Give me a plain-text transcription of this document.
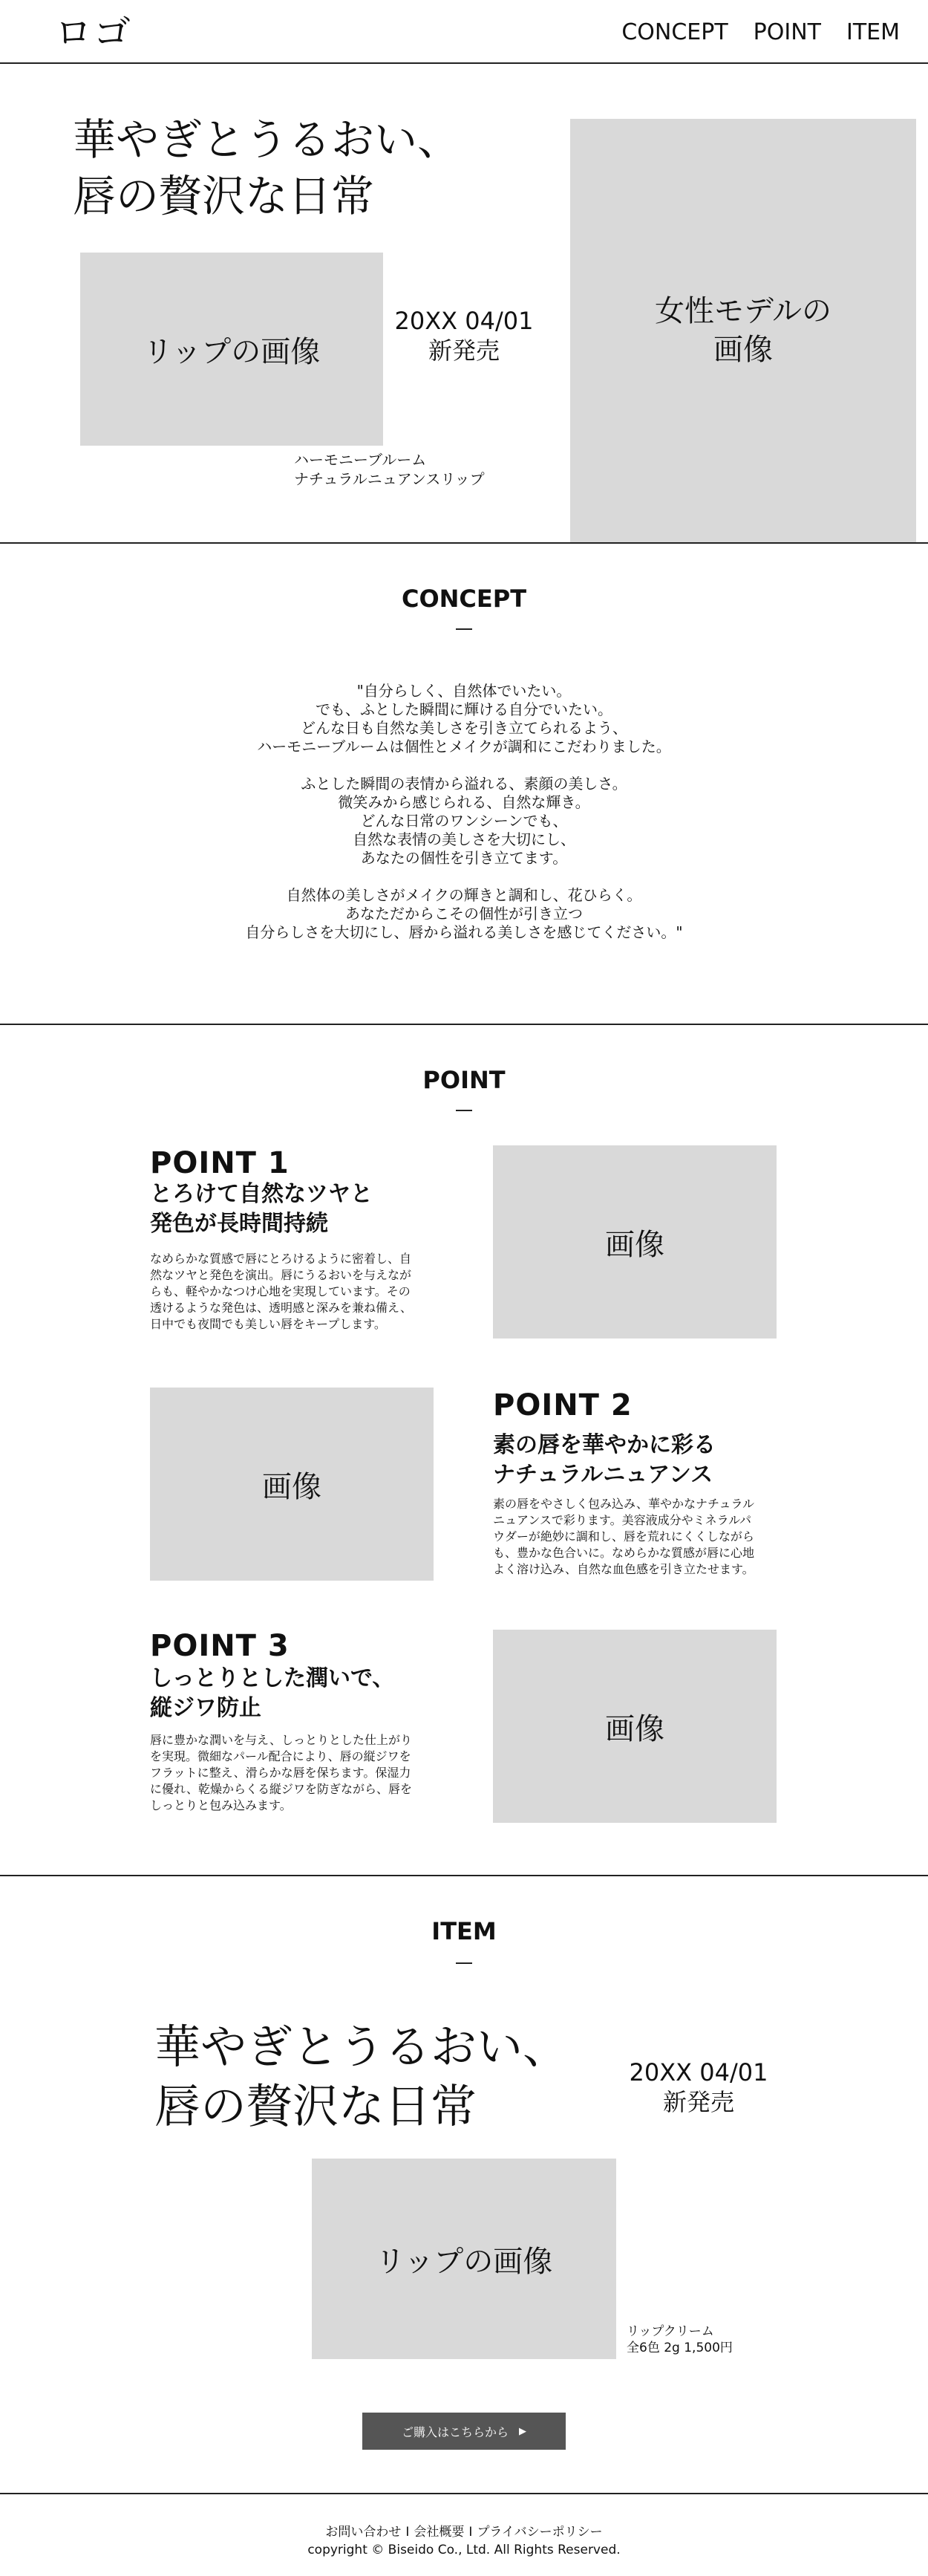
ロゴ	CONCEPT POINT ITEM
華やぎとうるおい、
唇の贅沢な日常
リップの画像
20XX 04/01
新発売
ハーモニーブルーム
ナチュラルニュアンスリップ
女性モデルの
画像
CONCEPT

"自分らしく、自然体でいたい。
でも、ふとした瞬間に輝ける自分でいたい。
どんな日も自然な美しさを引き立てられるよう、
ハーモニーブルームは個性とメイクが調和にこだわりました。

ふとした瞬間の表情から溢れる、素顔の美しさ。
微笑みから感じられる、自然な輝き。
どんな日常のワンシーンでも、
自然な表情の美しさを大切にし、
あなたの個性を引き立てます。

自然体の美しさがメイクの輝きと調和し、花ひらく。
あなただからこその個性が引き立つ
自分らしさを大切にし、唇から溢れる美しさを感じてください。"

POINT
POINT 1
とろけて自然なツヤと
発色が長時間持続
なめらかな質感で唇にとろけるように密着し、自
然なツヤと発色を演出。唇にうるおいを与えなが
らも、軽やかなつけ心地を実現しています。その
透けるような発色は、透明感と深みを兼ね備え、
日中でも夜間でも美しい唇をキープします。
画像
画像
POINT 2
素の唇を華やかに彩る
ナチュラルニュアンス
素の唇をやさしく包み込み、華やかなナチュラル
ニュアンスで彩ります。美容液成分やミネラルパ
ウダーが絶妙に調和し、唇を荒れにくくしながら
も、豊かな色合いに。なめらかな質感が唇に心地
よく溶け込み、自然な血色感を引き立たせます。
POINT 3
しっとりとした潤いで、
縦ジワ防止
唇に豊かな潤いを与え、しっとりとした仕上がり
を実現。微細なパール配合により、唇の縦ジワを
フラットに整え、滑らかな唇を保ちます。保湿力
に優れ、乾燥からくる縦ジワを防ぎながら、唇を
しっとりと包み込みます。
画像
ITEM
華やぎとうるおい、
唇の贅沢な日常
20XX 04/01
新発売
リップの画像
リップクリーム
全6色 2g 1,500円
ご購入はこちらから ▶
お問い合わせ I 会社概要 I プライバシーポリシー
copyright © Biseido Co., Ltd. All Rights Reserved.
